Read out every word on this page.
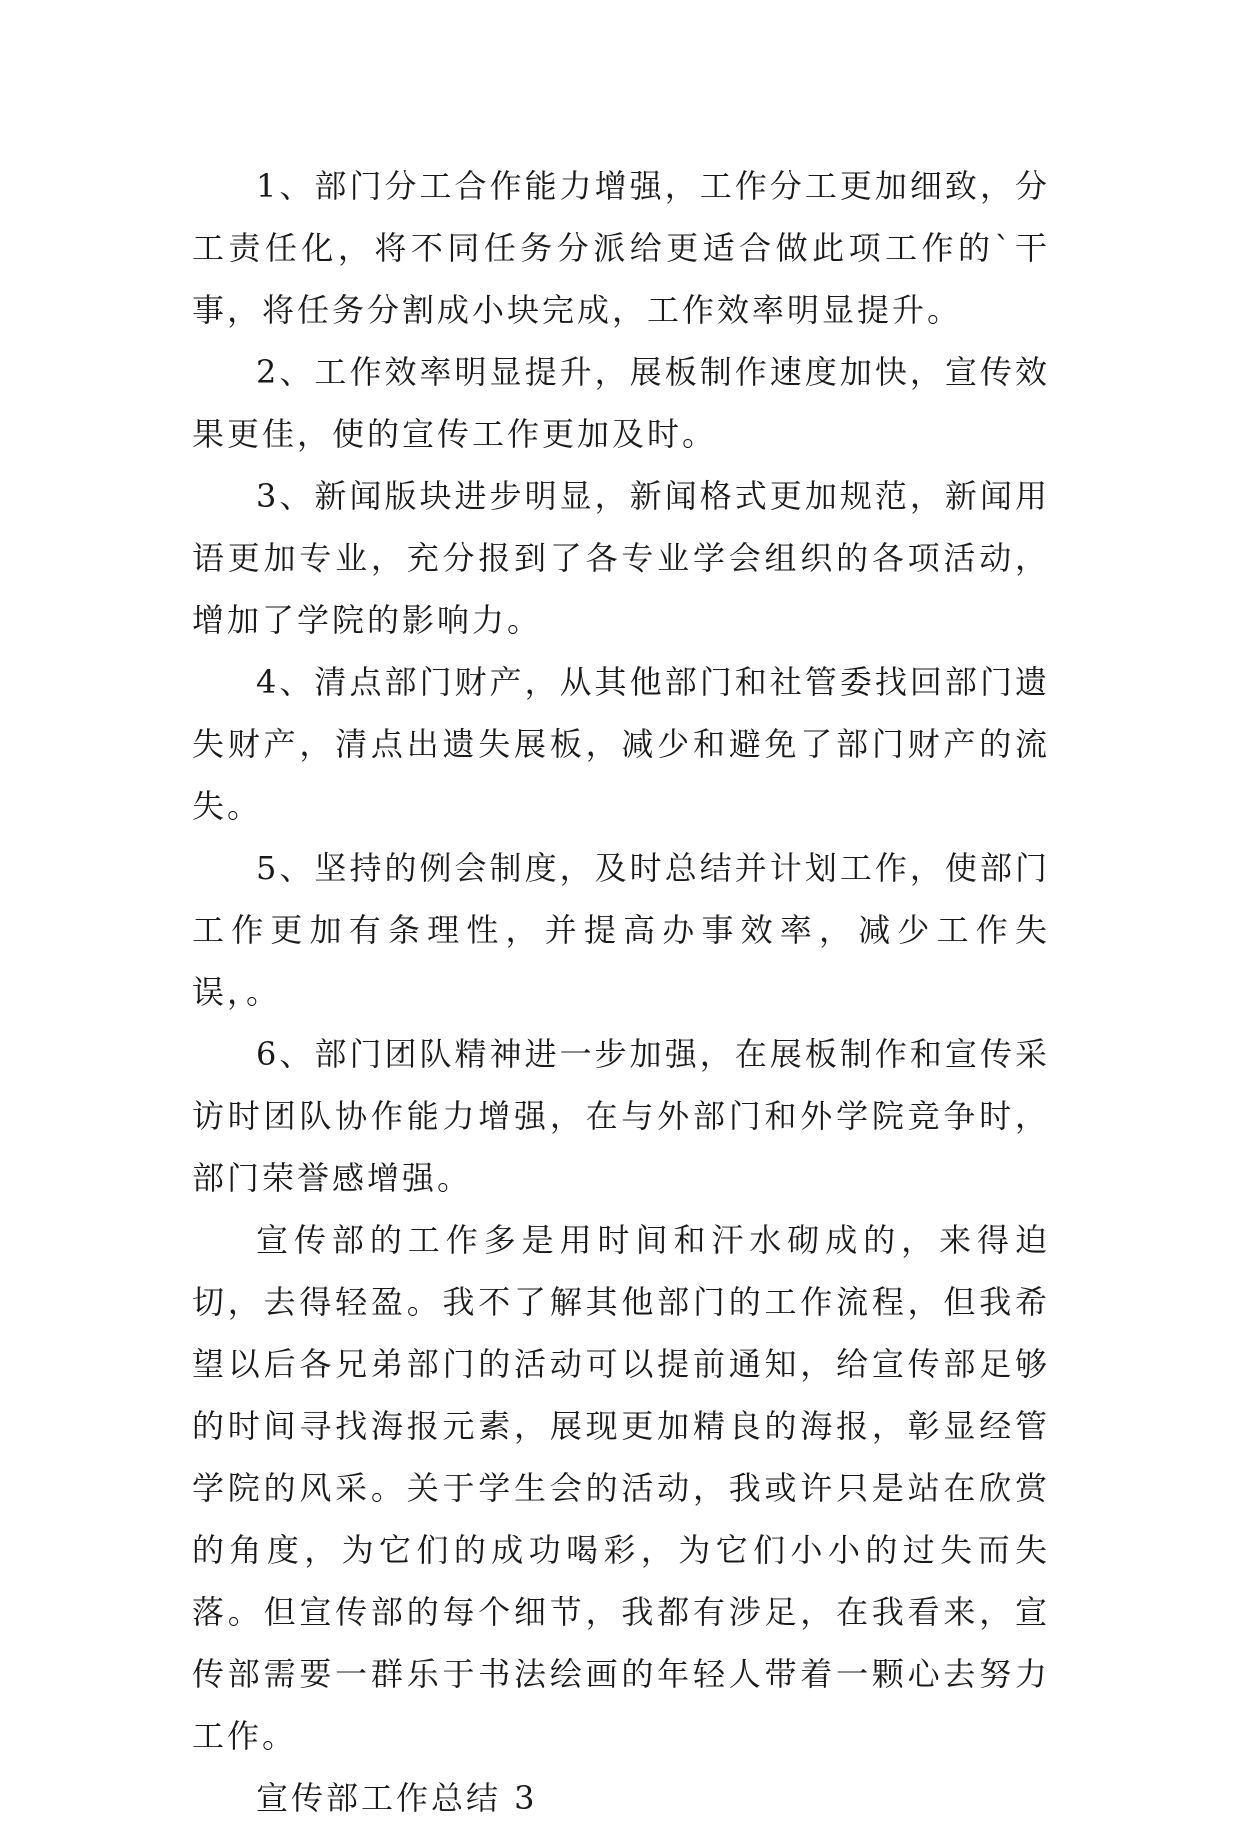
1、部门分工合作能力增强，工作分工更加细致，分工责任化，将不同任务分派给更适合做此项工作的`干事，将任务分割成小块完成，工作效率明显提升。

2、工作效率明显提升，展板制作速度加快，宣传效果更佳，使的宣传工作更加及时。

3、新闻版块进步明显，新闻格式更加规范，新闻用语更加专业，充分报到了各专业学会组织的各项活动，增加了学院的影响力。

4、清点部门财产，从其他部门和社管委找回部门遗失财产，清点出遗失展板，减少和避免了部门财产的流失。

5、坚持的例会制度，及时总结并计划工作，使部门工作更加有条理性，并提高办事效率，减少工作失误，。

6、部门团队精神进一步加强，在展板制作和宣传采访时团队协作能力增强，在与外部门和外学院竞争时，部门荣誉感增强。

宣传部的工作多是用时间和汗水砌成的，来得迫切，去得轻盈。我不了解其他部门的工作流程，但我希望以后各兄弟部门的活动可以提前通知，给宣传部足够的时间寻找海报元素，展现更加精良的海报，彰显经管学院的风采。关于学生会的活动，我或许只是站在欣赏的角度，为它们的成功喝彩，为它们小小的过失而失落。但宣传部的每个细节，我都有涉足，在我看来，宣传部需要一群乐于书法绘画的年轻人带着一颗心去努力工作。

宣传部工作总结 3
